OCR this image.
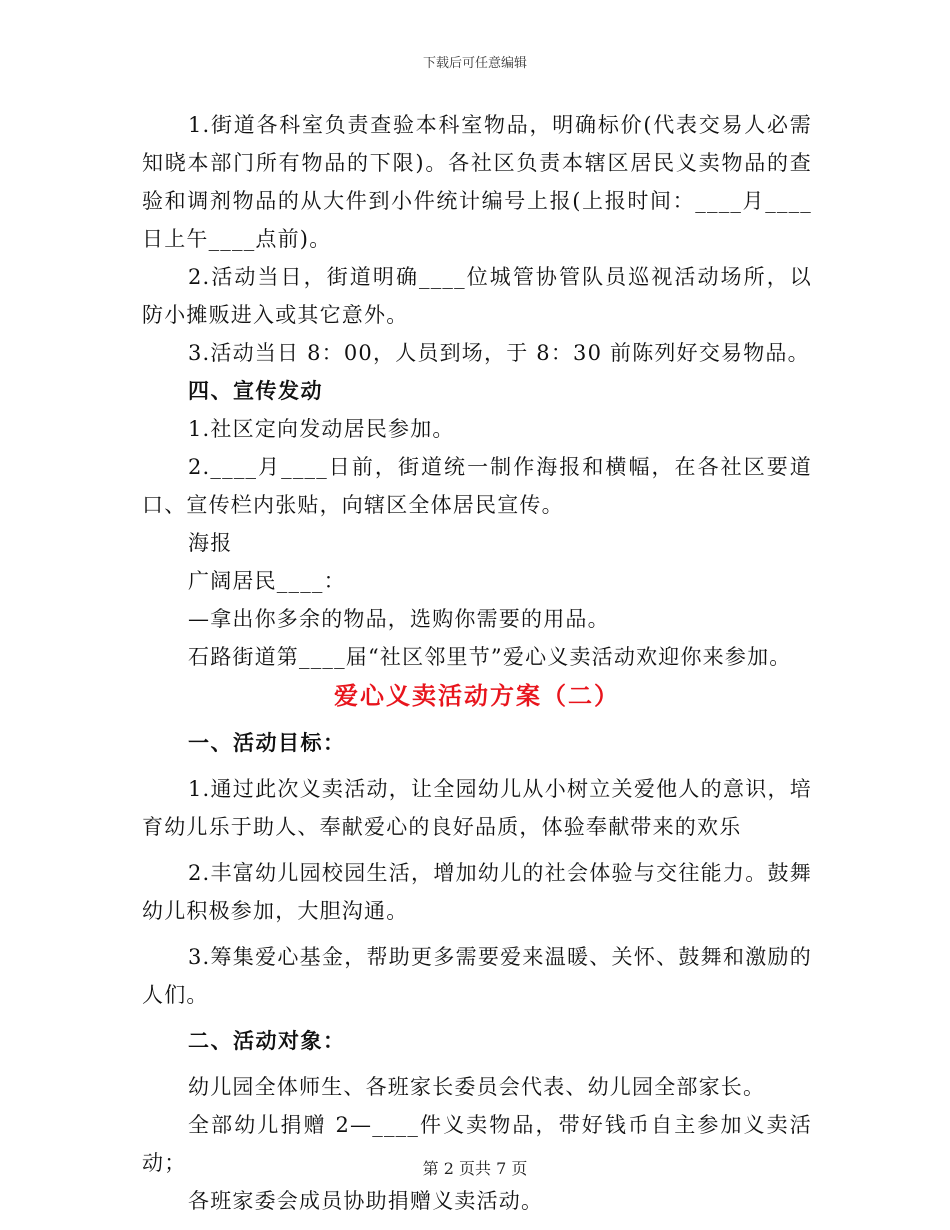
下载后可任意编辑

1.街道各科室负责查验本科室物品，明确标价(代表交易人必需知晓本部门所有物品的下限)。各社区负责本辖区居民义卖物品的查验和调剂物品的从大件到小件统计编号上报(上报时间：____月____日上午____点前)。

2.活动当日，街道明确____位城管协管队员巡视活动场所，以防小摊贩进入或其它意外。

3.活动当日 8：00，人员到场，于 8：30 前陈列好交易物品。

四、宣传发动

1.社区定向发动居民参加。

2.____月____日前，街道统一制作海报和横幅，在各社区要道口、宣传栏内张贴，向辖区全体居民宣传。

海报

广阔居民____：

—拿出你多余的物品，选购你需要的用品。

石路街道第____届“社区邻里节”爱心义卖活动欢迎你来参加。

爱心义卖活动方案（二）

一、活动目标：

1.通过此次义卖活动，让全园幼儿从小树立关爱他人的意识，培育幼儿乐于助人、奉献爱心的良好品质，体验奉献带来的欢乐

2.丰富幼儿园校园生活，增加幼儿的社会体验与交往能力。鼓舞幼儿积极参加，大胆沟通。

3.筹集爱心基金，帮助更多需要爱来温暖、关怀、鼓舞和激励的人们。

二、活动对象：

幼儿园全体师生、各班家长委员会代表、幼儿园全部家长。

全部幼儿捐赠 2—____件义卖物品，带好钱币自主参加义卖活动；

各班家委会成员协助捐赠义卖活动。

第 2 页共 7 页
